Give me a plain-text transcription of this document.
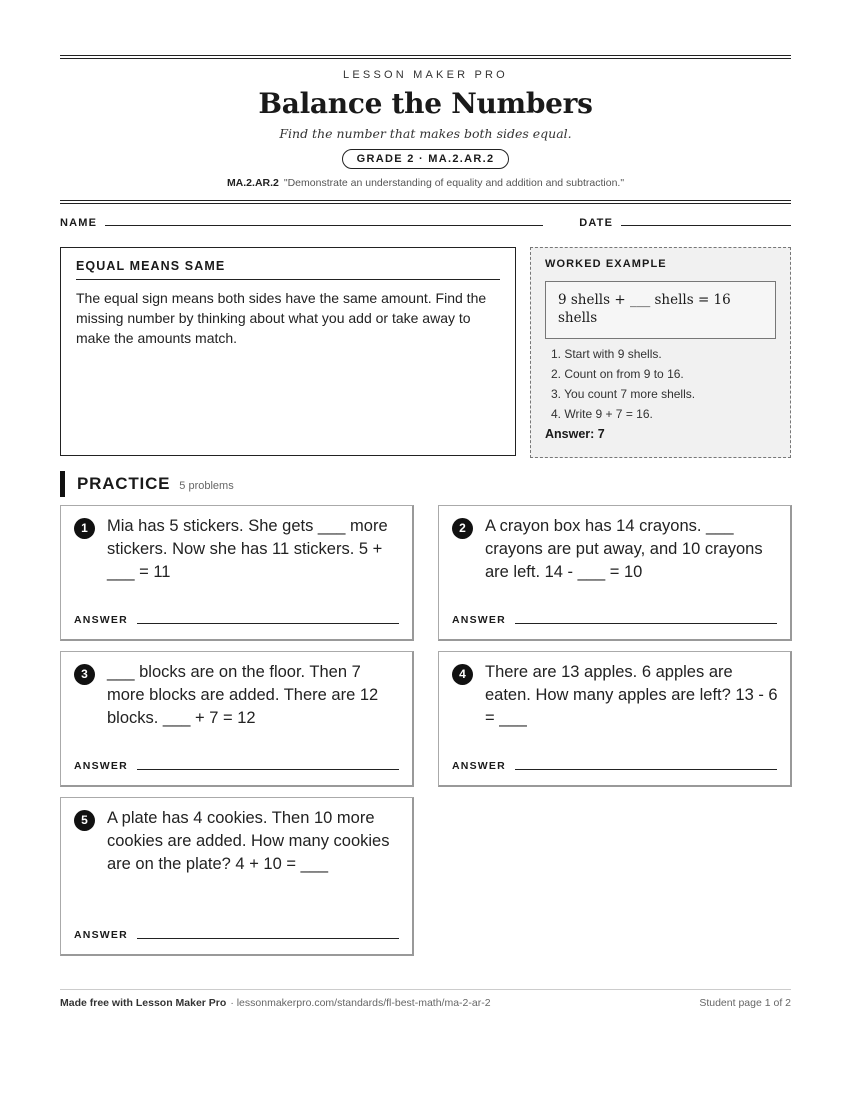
LESSON MAKER PRO
Balance the Numbers
Find the number that makes both sides equal.
GRADE 2 · MA.2.AR.2
MA.2.AR.2 "Demonstrate an understanding of equality and addition and subtraction."
NAME	DATE
EQUAL MEANS SAME
The equal sign means both sides have the same amount. Find the missing number by thinking about what you add or take away to make the amounts match.
WORKED EXAMPLE
9 shells + ___ shells = 16 shells
1. Start with 9 shells.
2. Count on from 9 to 16.
3. You count 7 more shells.
4. Write 9 + 7 = 16.
Answer: 7
PRACTICE 5 problems
1	Mia has 5 stickers. She gets ___ more stickers. Now she has 11 stickers. 5 + ___ = 11
ANSWER
2	A crayon box has 14 crayons. ___ crayons are put away, and 10 crayons are left. 14 - ___ = 10
ANSWER
3	___ blocks are on the floor. Then 7 more blocks are added. There are 12 blocks. ___ + 7 = 12
ANSWER
4	There are 13 apples. 6 apples are eaten. How many apples are left? 13 - 6 = ___
ANSWER
5	A plate has 4 cookies. Then 10 more cookies are added. How many cookies are on the plate? 4 + 10 = ___
ANSWER
Made free with Lesson Maker Pro · lessonmakerpro.com/standards/fl-best-math/ma-2-ar-2	Student page 1 of 2
